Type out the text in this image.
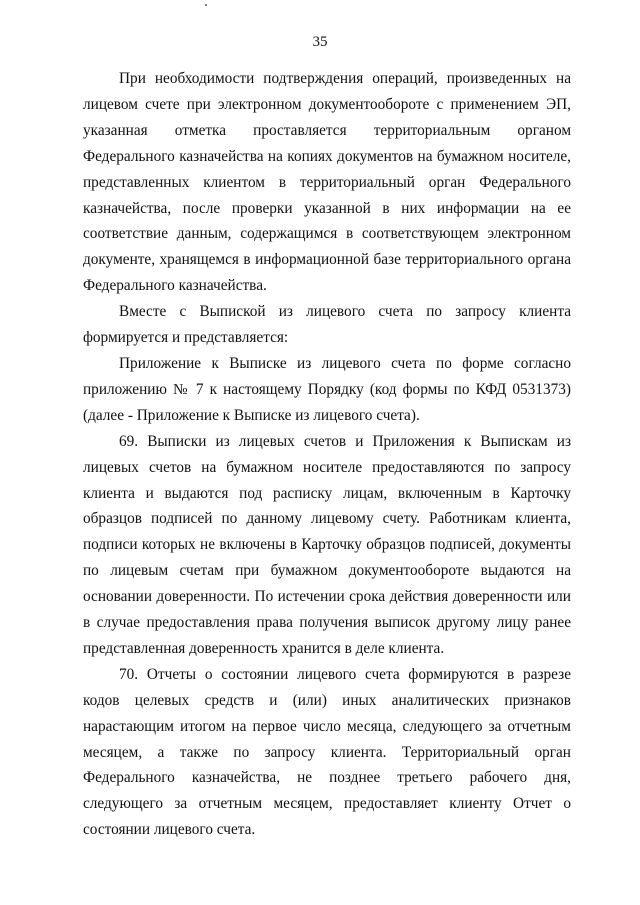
35

При необходимости подтверждения операций, произведенных на лицевом счете при электронном документообороте с применением ЭП, указанная отметка проставляется территориальным органом Федерального казначейства на копиях документов на бумажном носителе, представленных клиентом в территориальный орган Федерального казначейства, после проверки указанной в них информации на ее соответствие данным, содержащимся в соответствующем электронном документе, хранящемся в информационной базе территориального органа Федерального казначейства.

Вместе с Выпиской из лицевого счета по запросу клиента формируется и представляется:

Приложение к Выписке из лицевого счета по форме согласно приложению № 7 к настоящему Порядку (код формы по КФД 0531373) (далее - Приложение к Выписке из лицевого счета).

69. Выписки из лицевых счетов и Приложения к Выпискам из лицевых счетов на бумажном носителе предоставляются по запросу клиента и выдаются под расписку лицам, включенным в Карточку образцов подписей по данному лицевому счету. Работникам клиента, подписи которых не включены в Карточку образцов подписей, документы по лицевым счетам при бумажном документообороте выдаются на основании доверенности. По истечении срока действия доверенности или в случае предоставления права получения выписок другому лицу ранее представленная доверенность хранится в деле клиента.

70. Отчеты о состоянии лицевого счета формируются в разрезе кодов целевых средств и (или) иных аналитических признаков нарастающим итогом на первое число месяца, следующего за отчетным месяцем, а также по запросу клиента. Территориальный орган Федерального казначейства, не позднее третьего рабочего дня, следующего за отчетным месяцем, предоставляет клиенту Отчет о состоянии лицевого счета.
